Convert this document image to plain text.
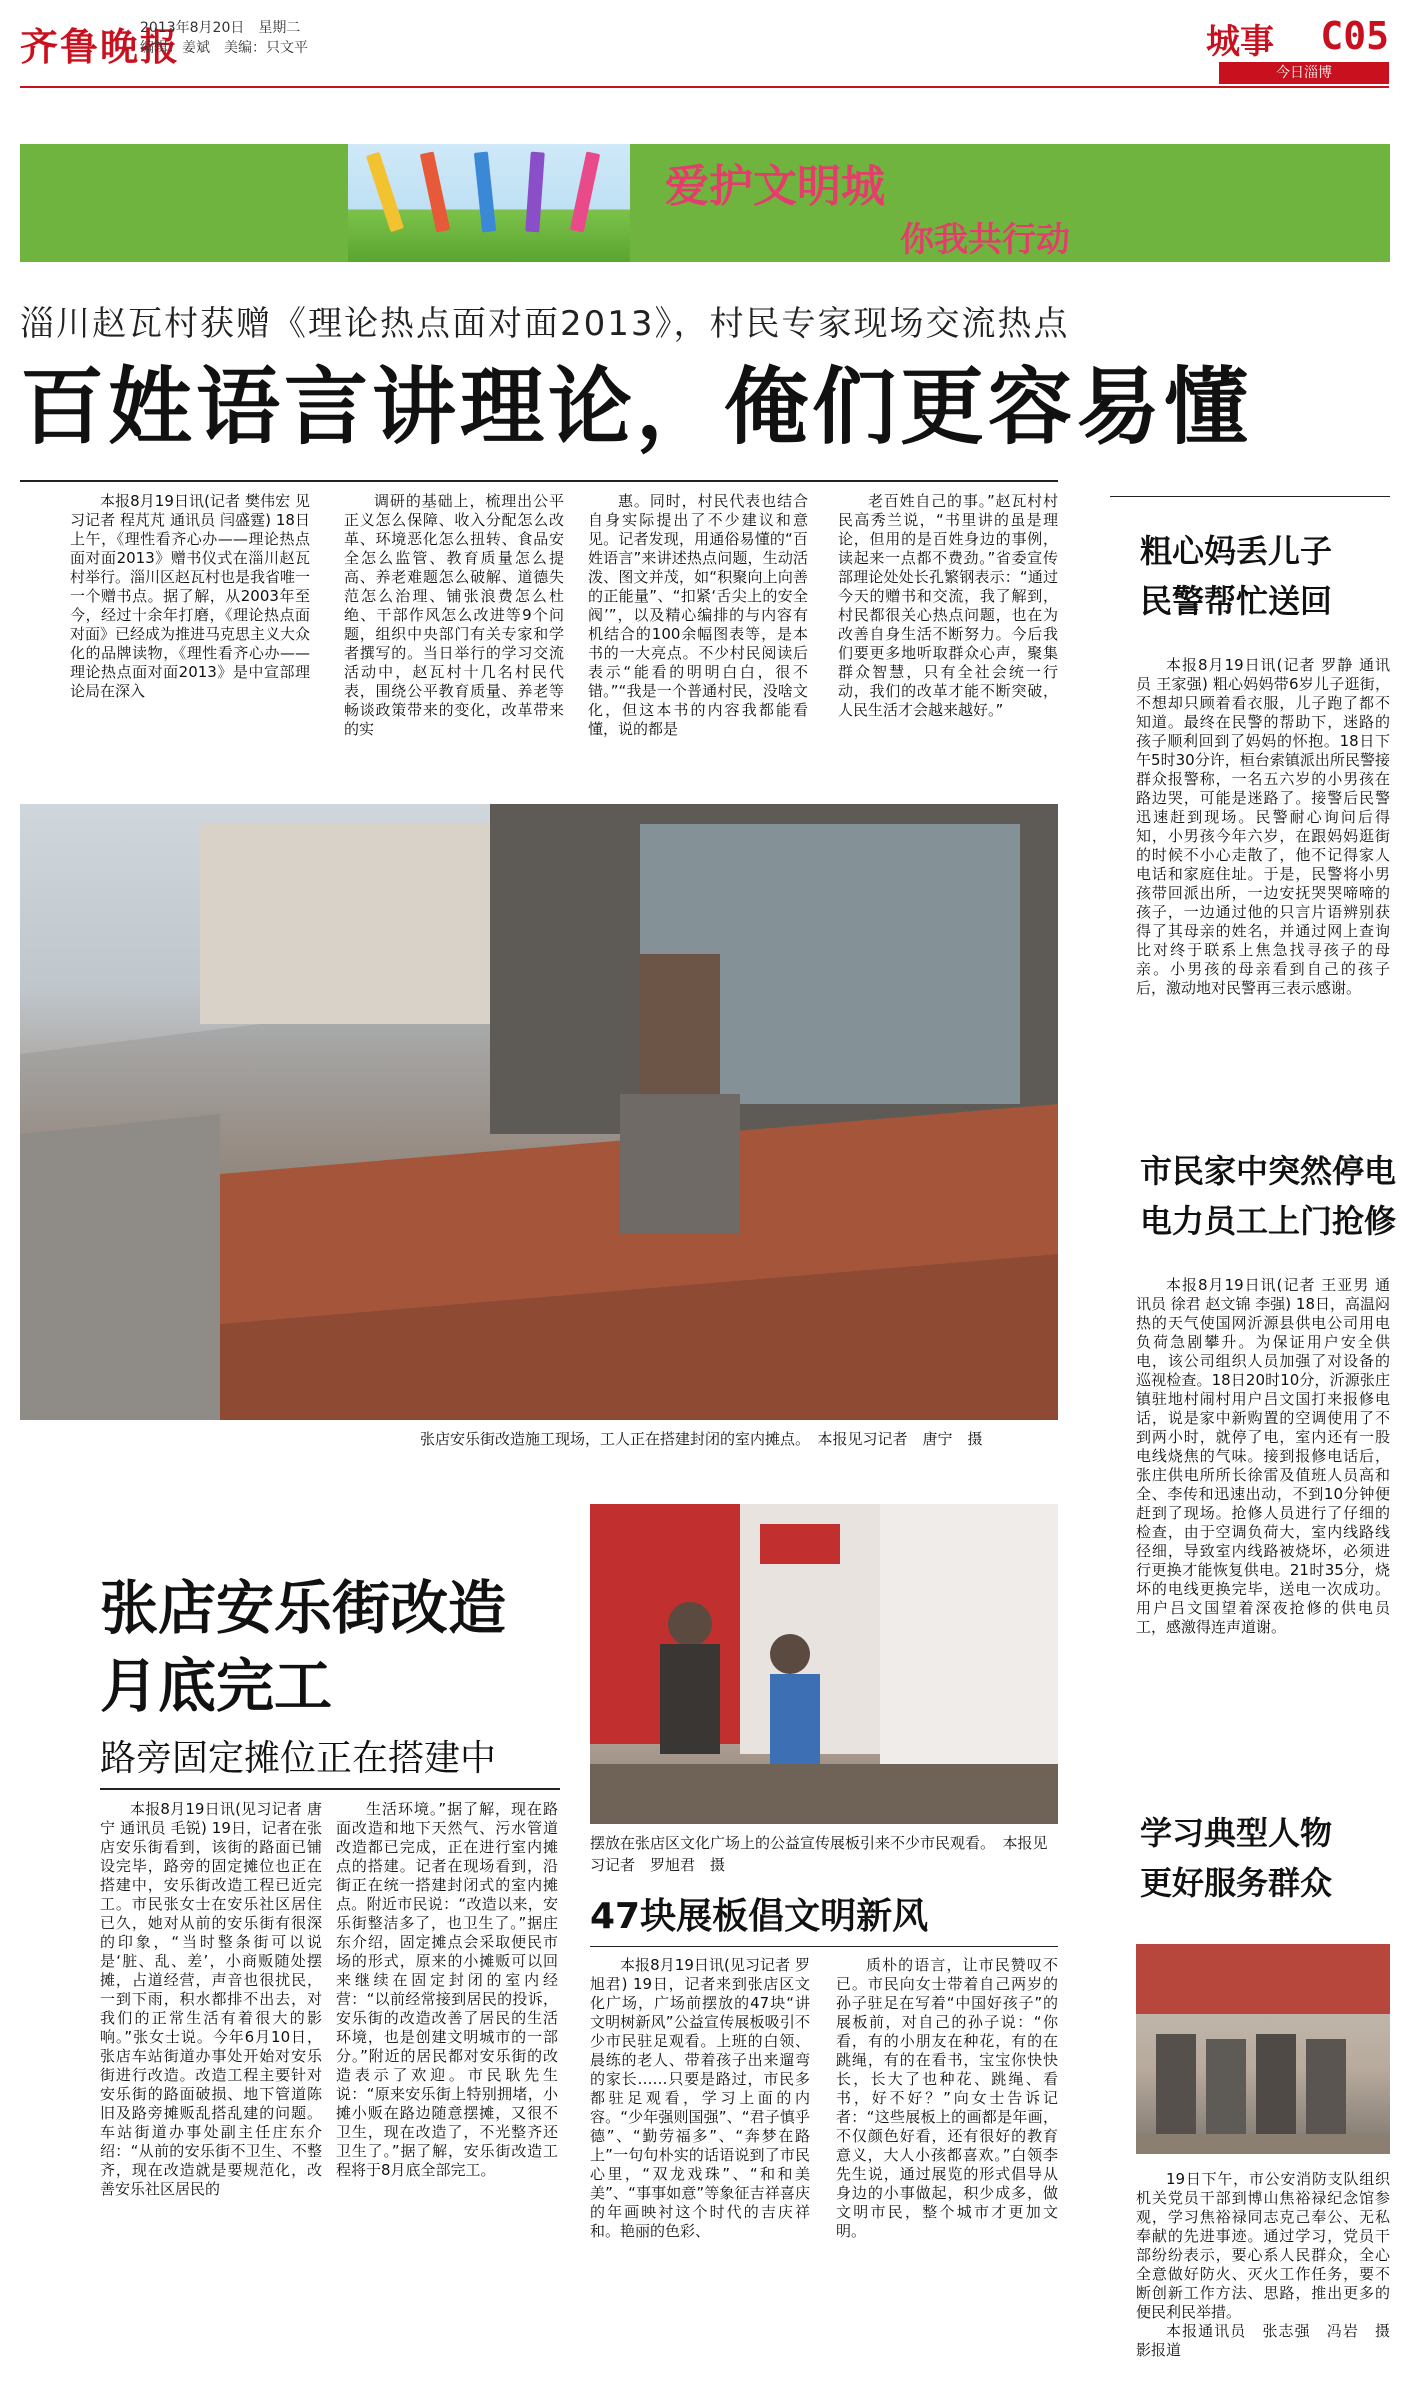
齐鲁晚报
2013年8月20日　星期二
编辑：姜斌　美编：只文平	城事 C05
今日淄博
爱护文明城
你我共行动
淄川赵瓦村获赠《理论热点面对面2013》，村民专家现场交流热点
百姓语言讲理论，俺们更容易懂

本报8月19日讯(记者 樊伟宏 见习记者 程芃芃 通讯员 闫盛霆) 18日上午，《理性看齐心办——理论热点面对面2013》赠书仪式在淄川赵瓦村举行。淄川区赵瓦村也是我省唯一一个赠书点。据了解，从2003年至今，经过十余年打磨，《理论热点面对面》已经成为推进马克思主义大众化的品牌读物，《理性看齐心办——理论热点面对面2013》是中宣部理论局在深入

调研的基础上，梳理出公平正义怎么保障、收入分配怎么改革、环境恶化怎么扭转、食品安全怎么监管、教育质量怎么提高、养老难题怎么破解、道德失范怎么治理、铺张浪费怎么杜绝、干部作风怎么改进等9个问题，组织中央部门有关专家和学者撰写的。当日举行的学习交流活动中，赵瓦村十几名村民代表，围绕公平教育质量、养老等畅谈政策带来的变化，改革带来的实

惠。同时，村民代表也结合自身实际提出了不少建议和意见。记者发现，用通俗易懂的“百姓语言”来讲述热点问题，生动活泼、图文并茂，如“积聚向上向善的正能量”、“扣紧‘舌尖上的安全阀’”，以及精心编排的与内容有机结合的100余幅图表等，是本书的一大亮点。不少村民阅读后表示“能看的明明白白，很不错。”“我是一个普通村民，没啥文化，但这本书的内容我都能看懂，说的都是

老百姓自己的事。”赵瓦村村民高秀兰说，“书里讲的虽是理论，但用的是百姓身边的事例，读起来一点都不费劲。”省委宣传部理论处处长孔繁钢表示：“通过今天的赠书和交流，我了解到，村民都很关心热点问题，也在为改善自身生活不断努力。今后我们要更多地听取群众心声，聚集群众智慧，只有全社会统一行动，我们的改革才能不断突破，人民生活才会越来越好。”

张店安乐街改造施工现场，工人正在搭建封闭的室内摊点。　本报见习记者　唐宁　摄
张店安乐街改造
月底完工
路旁固定摊位正在搭建中

本报8月19日讯(见习记者 唐宁 通讯员 毛锐) 19日，记者在张店安乐街看到，该街的路面已铺设完毕，路旁的固定摊位也正在搭建中，安乐街改造工程已近完工。市民张女士在安乐社区居住已久，她对从前的安乐街有很深的印象，“当时整条街可以说是‘脏、乱、差’，小商贩随处摆摊，占道经营，声音也很扰民，一到下雨，积水都排不出去，对我们的正常生活有着很大的影响。”张女士说。今年6月10日，张店车站街道办事处开始对安乐街进行改造。改造工程主要针对安乐街的路面破损、地下管道陈旧及路旁摊贩乱搭乱建的问题。车站街道办事处副主任庄东介绍：“从前的安乐街不卫生、不整齐，现在改造就是要规范化，改善安乐社区居民的

生活环境。”据了解，现在路面改造和地下天然气、污水管道改造都已完成，正在进行室内摊点的搭建。记者在现场看到，沿街正在统一搭建封闭式的室内摊点。附近市民说：“改造以来，安乐街整洁多了，也卫生了。”据庄东介绍，固定摊点会采取便民市场的形式，原来的小摊贩可以回来继续在固定封闭的室内经营：“以前经常接到居民的投诉，安乐街的改造改善了居民的生活环境，也是创建文明城市的一部分。”附近的居民都对安乐街的改造表示了欢迎。市民耿先生说：“原来安乐街上特别拥堵，小摊小贩在路边随意摆摊，又很不卫生，现在改造了，不光整齐还卫生了。”据了解，安乐街改造工程将于8月底全部完工。

摆放在张店区文化广场上的公益宣传展板引来不少市民观看。　本报见习记者　罗旭君　摄
47块展板倡文明新风

本报8月19日讯(见习记者 罗旭君) 19日，记者来到张店区文化广场，广场前摆放的47块“讲文明树新风”公益宣传展板吸引不少市民驻足观看。上班的白领、晨练的老人、带着孩子出来遛弯的家长……只要是路过，市民多都驻足观看，学习上面的内容。“少年强则国强”、“君子慎乎德”、“勤劳福多”、“奔梦在路上”一句句朴实的话语说到了市民心里，“双龙戏珠”、“和和美美”、“事事如意”等象征吉祥喜庆的年画映衬这个时代的吉庆祥和。艳丽的色彩、

质朴的语言，让市民赞叹不已。市民向女士带着自己两岁的孙子驻足在写着“中国好孩子”的展板前，对自己的孙子说：“你看，有的小朋友在种花，有的在跳绳，有的在看书，宝宝你快快长，长大了也种花、跳绳、看书，好不好？”向女士告诉记者：“这些展板上的画都是年画，不仅颜色好看，还有很好的教育意义，大人小孩都喜欢。”白领李先生说，通过展览的形式倡导从身边的小事做起，积少成多，做文明市民，整个城市才更加文明。

粗心妈丢儿子
民警帮忙送回

本报8月19日讯(记者 罗静 通讯员 王家强) 粗心妈妈带6岁儿子逛街，不想却只顾着看衣服，儿子跑了都不知道。最终在民警的帮助下，迷路的孩子顺利回到了妈妈的怀抱。18日下午5时30分许，桓台索镇派出所民警接群众报警称，一名五六岁的小男孩在路边哭，可能是迷路了。接警后民警迅速赶到现场。民警耐心询问后得知，小男孩今年六岁，在跟妈妈逛街的时候不小心走散了，他不记得家人电话和家庭住址。于是，民警将小男孩带回派出所，一边安抚哭哭啼啼的孩子，一边通过他的只言片语辨别获得了其母亲的姓名，并通过网上查询比对终于联系上焦急找寻孩子的母亲。小男孩的母亲看到自己的孩子后，激动地对民警再三表示感谢。

市民家中突然停电
电力员工上门抢修

本报8月19日讯(记者 王亚男 通讯员 徐君 赵文锦 李强) 18日，高温闷热的天气使国网沂源县供电公司用电负荷急剧攀升。为保证用户安全供电，该公司组织人员加强了对设备的巡视检查。18日20时10分，沂源张庄镇驻地村闹村用户吕文国打来报修电话，说是家中新购置的空调使用了不到两小时，就停了电，室内还有一股电线烧焦的气味。接到报修电话后，张庄供电所所长徐雷及值班人员高和全、李传和迅速出动，不到10分钟便赶到了现场。抢修人员进行了仔细的检查，由于空调负荷大，室内线路线径细，导致室内线路被烧坏，必须进行更换才能恢复供电。21时35分，烧坏的电线更换完毕，送电一次成功。用户吕文国望着深夜抢修的供电员工，感激得连声道谢。

学习典型人物
更好服务群众

19日下午，市公安消防支队组织机关党员干部到博山焦裕禄纪念馆参观，学习焦裕禄同志克己奉公、无私奉献的先进事迹。通过学习，党员干部纷纷表示，要心系人民群众，全心全意做好防火、灭火工作任务，要不断创新工作方法、思路，推出更多的便民利民举措。

本报通讯员　张志强　冯岩　摄影报道
